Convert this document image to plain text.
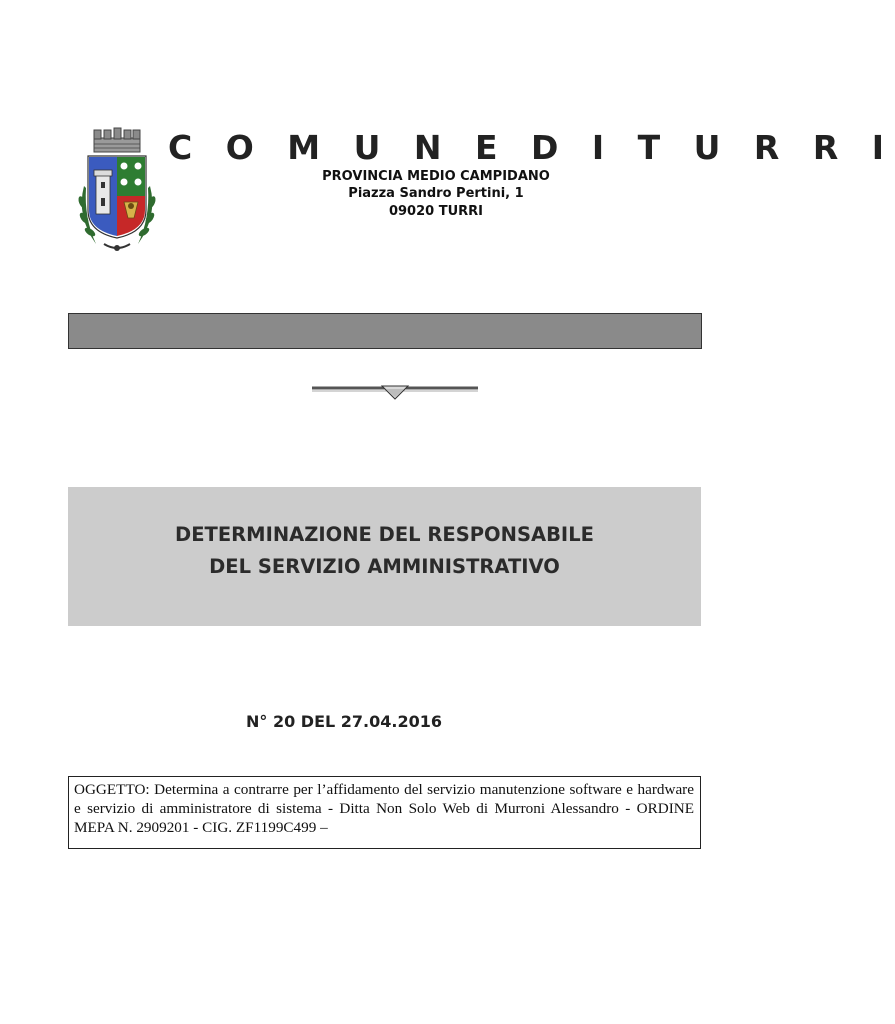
C O M U N E D I T U R R I
PROVINCIA MEDIO CAMPIDANO
Piazza Sandro Pertini, 1
09020 TURRI
DETERMINAZIONE DEL RESPONSABILE
DEL SERVIZIO AMMINISTRATIVO
N° 20 DEL 27.04.2016
OGGETTO: Determina a contrarre per l’affidamento del servizio manutenzione software e hardware e servizio di amministratore di sistema - Ditta Non Solo Web di Murroni Alessandro - ORDINE MEPA N. 2909201 - CIG. ZF1199C499 –
